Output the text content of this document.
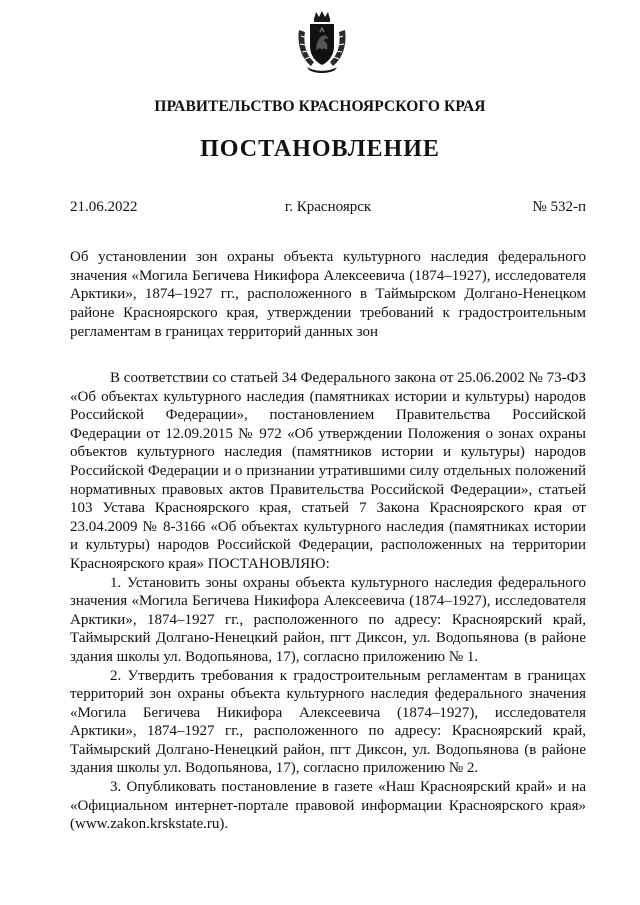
ПРАВИТЕЛЬСТВО КРАСНОЯРСКОГО КРАЯ
ПОСТАНОВЛЕНИЕ
21.06.2022	г. Красноярск	№ 532-п
Об установлении зон охраны объекта культурного наследия федерального значения «Могила Бегичева Никифора Алексеевича (1874–1927), исследователя Арктики», 1874–1927 гг., расположенного в Таймырском Долгано-Ненецком районе Красноярского края, утверждении требований к градостроительным регламентам в границах территорий данных зон

В соответствии со статьей 34 Федерального закона от 25.06.2002 № 73-ФЗ «Об объектах культурного наследия (памятниках истории и культуры) народов Российской Федерации», постановлением Правительства Российской Федерации от 12.09.2015 № 972 «Об утверждении Положения о зонах охраны объектов культурного наследия (памятников истории и культуры) народов Российской Федерации и о признании утратившими силу отдельных положений нормативных правовых актов Правительства Российской Федерации», статьей 103 Устава Красноярского края, статьей 7 Закона Красноярского края от 23.04.2009 № 8-3166 «Об объектах культурного наследия (памятниках истории и культуры) народов Российской Федерации, расположенных на территории Красноярского края» ПОСТАНОВЛЯЮ:

1. Установить зоны охраны объекта культурного наследия федерального значения «Могила Бегичева Никифора Алексеевича (1874–1927), исследователя Арктики», 1874–1927 гг., расположенного по адресу: Красноярский край, Таймырский Долгано-Ненецкий район, пгт Диксон, ул. Водопьянова (в районе здания школы ул. Водопьянова, 17), согласно приложению № 1.

2. Утвердить требования к градостроительным регламентам в границах территорий зон охраны объекта культурного наследия федерального значения «Могила Бегичева Никифора Алексеевича (1874–1927), исследователя Арктики», 1874–1927 гг., расположенного по адресу: Красноярский край, Таймырский Долгано-Ненецкий район, пгт Диксон, ул. Водопьянова (в районе здания школы ул. Водопьянова, 17), согласно приложению № 2.

3. Опубликовать постановление в газете «Наш Красноярский край» и на «Официальном интернет-портале правовой информации Красноярского края» (www.zakon.krskstate.ru).
